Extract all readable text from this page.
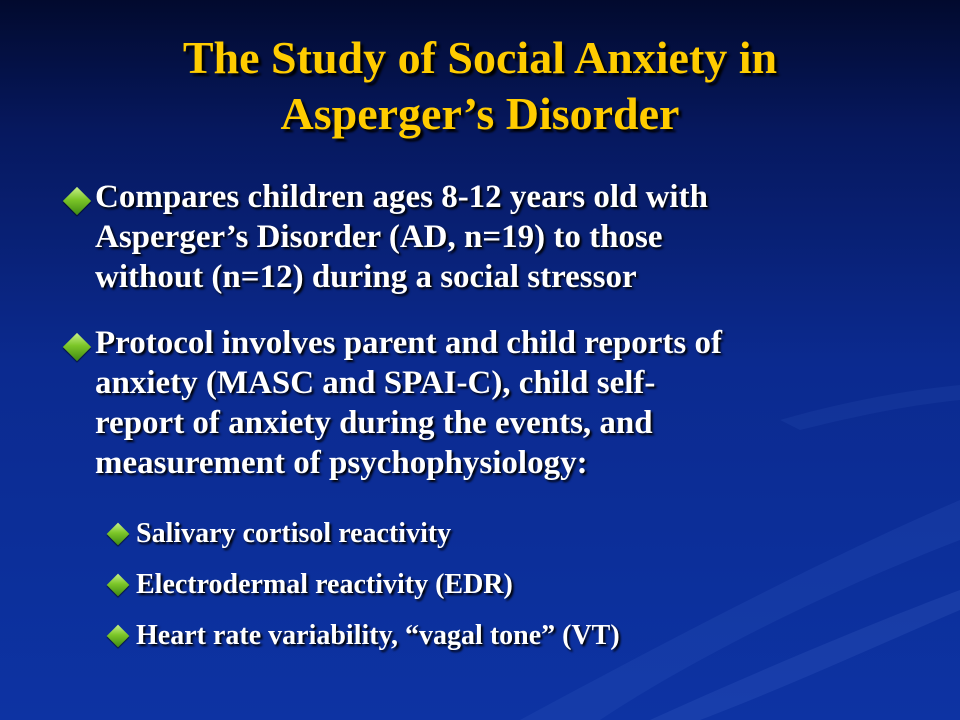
The Study of Social Anxiety in
Asperger’s Disorder
Compares children ages 8-12 years old with
Asperger’s Disorder (AD, n=19) to those
without (n=12) during a social stressor
Protocol involves parent and child reports of
anxiety (MASC and SPAI-C), child self-
report of anxiety during the events, and
measurement of psychophysiology:
Salivary cortisol reactivity
Electrodermal reactivity (EDR)
Heart rate variability, “vagal tone” (VT)
